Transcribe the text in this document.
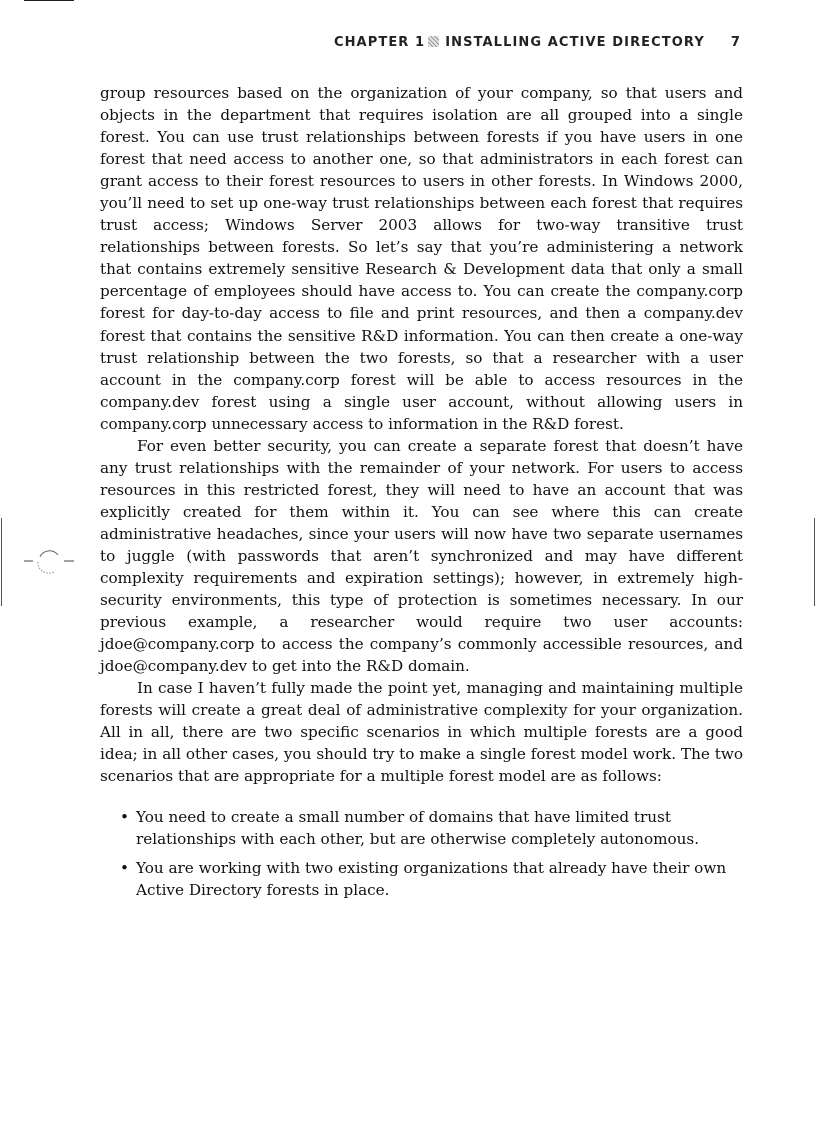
CHAPTER 1 INSTALLING ACTIVE DIRECTORY 7

group resources based on the organization of your company, so that users and objects in the department that requires isolation are all grouped into a single forest. You can use trust relationships between forests if you have users in one forest that need access to another one, so that administrators in each forest can grant access to their forest resources to users in other forests. In Windows 2000, you’ll need to set up one-way trust relationships between each forest that requires trust access; Windows Server 2003 allows for two-way transitive trust relationships between forests. So let’s say that you’re administering a network that contains extremely sensitive Research & Development data that only a small percentage of employees should have access to. You can create the company.corp forest for day-to-day access to file and print resources, and then a company.dev forest that contains the sensitive R&D information. You can then create a one-way trust relationship between the two forests, so that a researcher with a user account in the company.corp forest will be able to access resources in the company.dev forest using a single user account, without allowing users in company.corp unnecessary access to information in the R&D forest.

For even better security, you can create a separate forest that doesn’t have any trust relationships with the remainder of your network. For users to access resources in this restricted forest, they will need to have an account that was explicitly created for them within it. You can see where this can create administrative headaches, since your users will now have two separate usernames to juggle (with passwords that aren’t synchronized and may have different complexity requirements and expiration settings); however, in extremely high-security environments, this type of protection is sometimes necessary. In our previous example, a researcher would require two user accounts: jdoe@company.corp to access the company’s commonly accessible resources, and jdoe@company.dev to get into the R&D domain.

In case I haven’t fully made the point yet, managing and maintaining multiple forests will create a great deal of administrative complexity for your organization. All in all, there are two specific scenarios in which multiple forests are a good idea; in all other cases, you should try to make a single forest model work. The two scenarios that are appropriate for a multiple forest model are as follows:

• You need to create a small number of domains that have limited trust relationships with each other, but are otherwise completely autonomous.
• You are working with two existing organizations that already have their own Active Directory forests in place.
